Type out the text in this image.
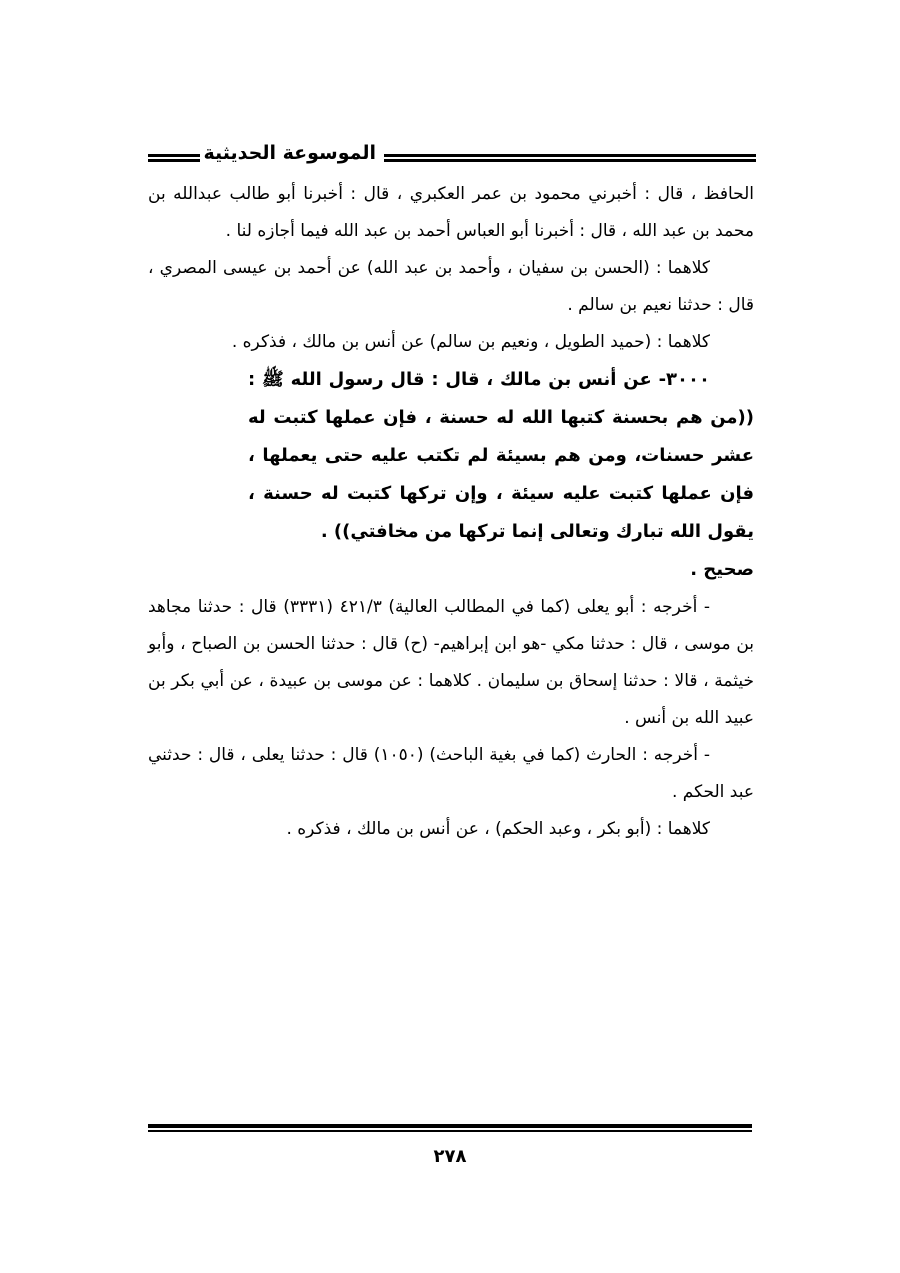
الموسوعة الحديثية

الحافظ ، قال : أخبرني محمود بن عمر العكبري ، قال : أخبرنا أبو طالب عبدالله بن محمد بن عبد الله ، قال : أخبرنا أبو العباس أحمد بن عبد الله فيما أجازه لنا .

كلاهما : (الحسن بن سفيان ، وأحمد بن عبد الله) عن أحمد بن عيسى المصري ، قال : حدثنا نعيم بن سالم .

كلاهما : (حميد الطويل ، ونعيم بن سالم) عن أنس بن مالك ، فذكره .

٣٠٠٠- عن أنس بن مالك ، قال : قال رسول الله ﷺ : ((من هم بحسنة كتبها الله له حسنة ، فإن عملها كتبت له عشر حسنات، ومن هم بسيئة لم تكتب عليه حتى يعملها ، فإن عملها كتبت عليه سيئة ، وإن تركها كتبت له حسنة ، يقول الله تبارك وتعالى إنما تركها من مخافتي)) .

صحيح .

- أخرجه : أبو يعلى (كما في المطالب العالية) ٤٢١/٣ (٣٣٣١) قال : حدثنا مجاهد بن موسى ، قال : حدثنا مكي -هو ابن إبراهيم- (ح) قال : حدثنا الحسن بن الصباح ، وأبو خيثمة ، قالا : حدثنا إسحاق بن سليمان . كلاهما : عن موسى بن عبيدة ، عن أبي بكر بن عبيد الله بن أنس .

- أخرجه : الحارث (كما في بغية الباحث) (١٠٥٠) قال : حدثنا يعلى ، قال : حدثني عبد الحكم .

كلاهما : (أبو بكر ، وعبد الحكم) ، عن أنس بن مالك ، فذكره .

٢٧٨
